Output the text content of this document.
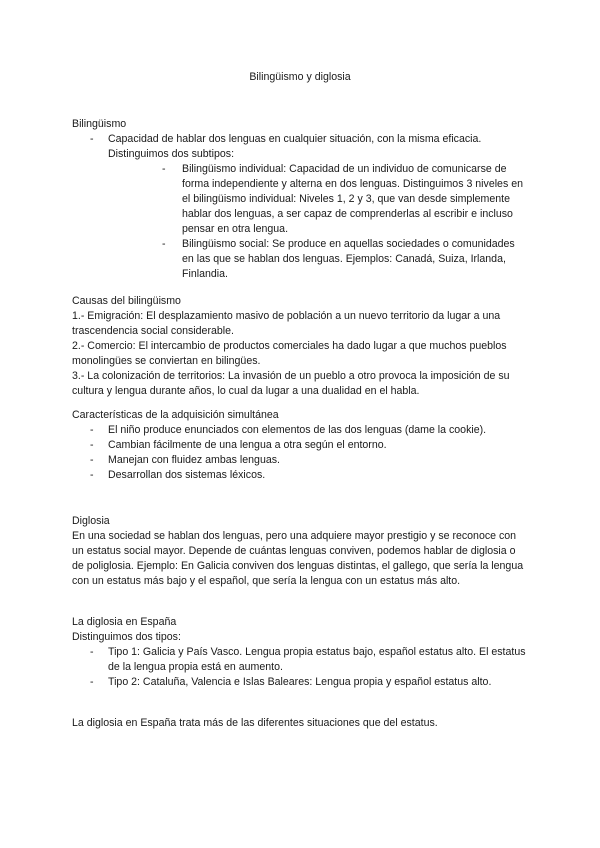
Bilingüismo y diglosia

Bilingüismo

- Capacidad de hablar dos lenguas en cualquier situación, con la misma eficacia. Distinguimos dos subtipos:
- Bilingüismo individual: Capacidad de un individuo de comunicarse de forma independiente y alterna en dos lenguas. Distinguimos 3 niveles en el bilingüismo individual: Niveles 1, 2 y 3, que van desde simplemente hablar dos lenguas, a ser capaz de comprenderlas al escribir e incluso pensar en otra lengua.
- Bilingüismo social: Se produce en aquellas sociedades o comunidades en las que se hablan dos lenguas. Ejemplos: Canadá, Suiza, Irlanda, Finlandia.

Causas del bilingüismo

1.- Emigración: El desplazamiento masivo de población a un nuevo territorio da lugar a una trascendencia social considerable.

2.- Comercio: El intercambio de productos comerciales ha dado lugar a que muchos pueblos monolingües se conviertan en bilingües.

3.- La colonización de territorios: La invasión de un pueblo a otro provoca la imposición de su cultura y lengua durante años, lo cual da lugar a una dualidad en el habla.

Características de la adquisición simultánea

- El niño produce enunciados con elementos de las dos lenguas (dame la cookie).
- Cambian fácilmente de una lengua a otra según el entorno.
- Manejan con fluidez ambas lenguas.
- Desarrollan dos sistemas léxicos.

Diglosia

En una sociedad se hablan dos lenguas, pero una adquiere mayor prestigio y se reconoce con un estatus social mayor. Depende de cuántas lenguas conviven, podemos hablar de diglosia o de poliglosia. Ejemplo: En Galicia conviven dos lenguas distintas, el gallego, que sería la lengua con un estatus más bajo y el español, que sería la lengua con un estatus más alto.

La diglosia en España

Distinguimos dos tipos:

- Tipo 1: Galicia y País Vasco. Lengua propia estatus bajo, español estatus alto. El estatus de la lengua propia está en aumento.
- Tipo 2: Cataluña, Valencia e Islas Baleares: Lengua propia y español estatus alto.

La diglosia en España trata más de las diferentes situaciones que del estatus.
